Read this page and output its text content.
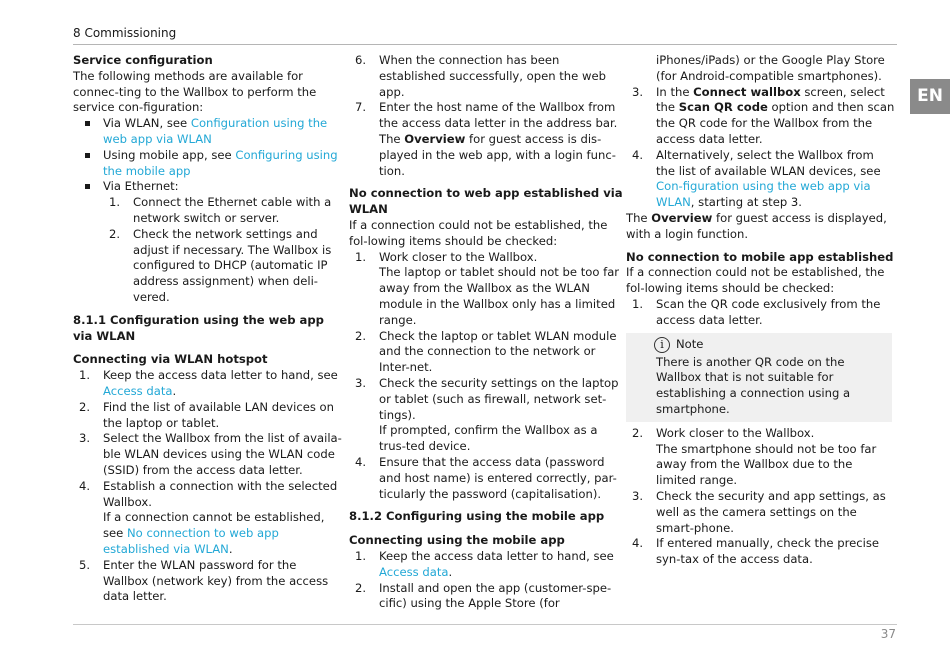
8 Commissioning
EN

Service configuration

The following methods are available for connec-ting to the Wallbox to perform the service con-figuration:

Via WLAN, see Configuration using the web app via WLAN
Using mobile app, see Configuring using the mobile app
Via Ethernet:
1. Connect the Ethernet cable with a network switch or server.
2. Check the network settings and adjust if necessary. The Wallbox is configured to DHCP (automatic IP address assignment) when deli-vered.

8.1.1 Configuration using the web app via WLAN

Connecting via WLAN hotspot

1. Keep the access data letter to hand, see Access data.
2. Find the list of available LAN devices on the laptop or tablet.
3. Select the Wallbox from the list of availa-ble WLAN devices using the WLAN code (SSID) from the access data letter.
4. Establish a connection with the selected Wallbox.
If a connection cannot be established, see No connection to web app established via WLAN.
5. Enter the WLAN password for the Wallbox (network key) from the access data letter.
6. When the connection has been established successfully, open the web app.
7. Enter the host name of the Wallbox from the access data letter in the address bar.
The Overview for guest access is dis-played in the web app, with a login func-tion.

No connection to web app established via WLAN

If a connection could not be established, the fol-lowing items should be checked:

1. Work closer to the Wallbox.
The laptop or tablet should not be too far away from the Wallbox as the WLAN module in the Wallbox only has a limited range.
2. Check the laptop or tablet WLAN module and the connection to the network or Inter-net.
3. Check the security settings on the laptop or tablet (such as firewall, network set-tings).
If prompted, confirm the Wallbox as a trus-ted device.
4. Ensure that the access data (password and host name) is entered correctly, par-ticularly the password (capitalisation).

8.1.2 Configuring using the mobile app

Connecting using the mobile app

1. Keep the access data letter to hand, see Access data.
2. Install and open the app (customer-spe-cific) using the Apple Store (for
iPhones/iPads) or the Google Play Store (for Android-compatible smartphones).
3. In the Connect wallbox screen, select the Scan QR code option and then scan the QR code for the Wallbox from the access data letter.
4. Alternatively, select the Wallbox from the list of available WLAN devices, see Con-figuration using the web app via WLAN, starting at step 3.

The Overview for guest access is displayed, with a login function.

No connection to mobile app established

If a connection could not be established, the fol-lowing items should be checked:

1. Scan the QR code exclusively from the access data letter.
i	Note
There is another QR code on the Wallbox that is not suitable for establishing a connection using a smartphone.
2. Work closer to the Wallbox.
The smartphone should not be too far away from the Wallbox due to the limited range.
3. Check the security and app settings, as well as the camera settings on the smart-phone.
4. If entered manually, check the precise syn-tax of the access data.
37
